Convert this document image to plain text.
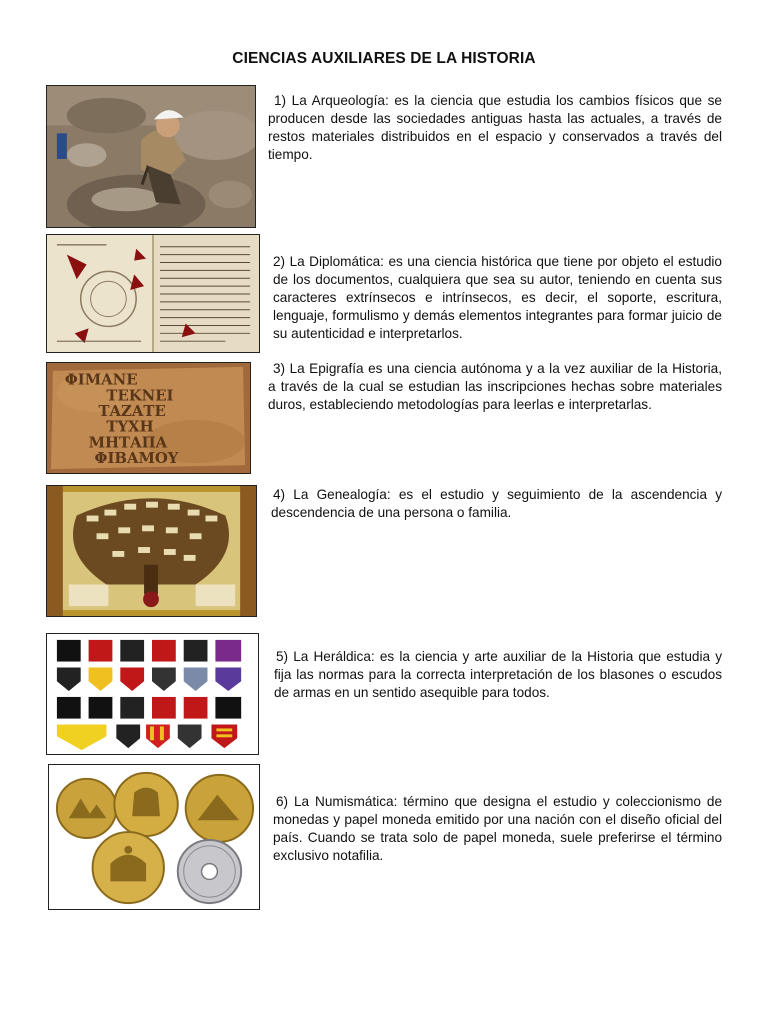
CIENCIAS AUXILIARES DE LA HISTORIA
1) La Arqueología: es la ciencia que estudia los cambios físicos que se producen desde las sociedades antiguas hasta las actuales, a través de restos materiales distribuidos en el espacio y conservados a través del tiempo.
2) La Diplomática: es una ciencia histórica que tiene por objeto el estudio de los documentos, cualquiera que sea su autor, teniendo en cuenta sus caracteres extrínsecos e intrínsecos, es decir, el soporte, escritura, lenguaje, formulismo y demás elementos integrantes para formar juicio de su autenticidad e interpretarlos.
ΦΙΜΑΝΕ
ΤΕΚΝΕΙ
ΤΑΖΑΤΕ
ΤΥΧΗ
ΜΗΤΑΠΑ
ΦΙΒΑΜΟΥ
3) La Epigrafía es una ciencia autónoma y a la vez auxiliar de la Historia, a través de la cual se estudian las inscripciones hechas sobre materiales duros, estableciendo metodologías para leerlas e interpretarlas.
4) La Genealogía: es el estudio y seguimiento de la ascendencia y descendencia de una persona o familia.
5) La Heráldica: es la ciencia y arte auxiliar de la Historia que estudia y fija las normas para la correcta interpretación de los blasones o escudos de armas en un sentido asequible para todos.
6) La Numismática: término que designa el estudio y coleccionismo de monedas y papel moneda emitido por una nación con el diseño oficial del país. Cuando se trata solo de papel moneda, suele preferirse el término exclusivo notafilia.
